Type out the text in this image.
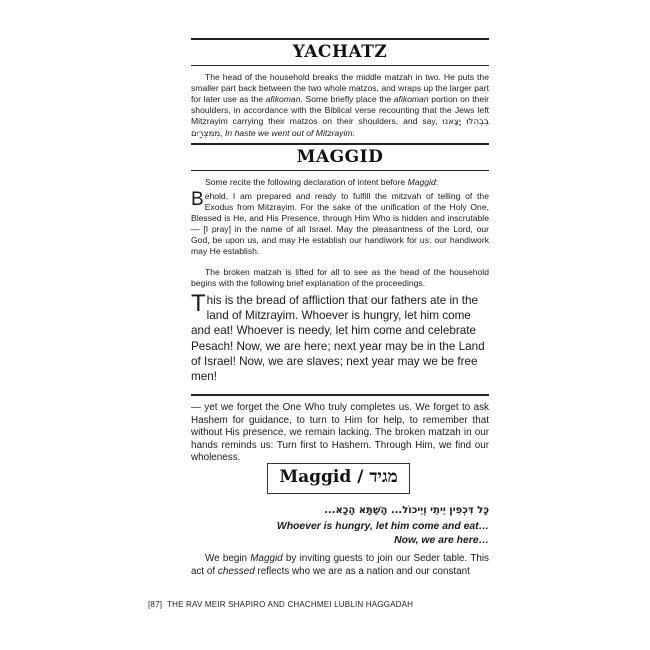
YACHATZ

The head of the household breaks the middle matzah in two. He puts the smaller part back between the two whole matzos, and wraps up the larger part for later use as the afikoman. Some briefly place the afikoman portion on their shoulders, in accordance with the Biblical verse recounting that the Jews left Mitzrayim carrying their matzos on their shoulders, and say, בְּבְהִלוּ יָצָאנוּ מִמִּצְרַיִם, In haste we went out of Mitzrayim.

MAGGID

Some recite the following declaration of intent before Maggid:

Behold, I am prepared and ready to fulfill the mitzvah of telling of the Exodus from Mitzrayim. For the sake of the unification of the Holy One, Blessed is He, and His Presence, through Him Who is hidden and inscrutable — [I pray] in the name of all Israel. May the pleasantness of the Lord, our God, be upon us, and may He establish our handiwork for us; our handiwork may He establish.

The broken matzah is lifted for all to see as the head of the household begins with the following brief explanation of the proceedings.

This is the bread of affliction that our fathers ate in the land of Mitzrayim. Whoever is hungry, let him come and eat! Whoever is needy, let him come and celebrate Pesach! Now, we are here; next year may be in the Land of Israel! Now, we are slaves; next year may we be free men!

— yet we forget the One Who truly completes us. We forget to ask Hashem for guidance, to turn to Him for help, to remember that without His presence, we remain lacking. The broken matzah in our hands reminds us: Turn first to Hashem. Through Him, we find our wholeness.

Maggid / מגיד
כָּל דִּכְפִין יֵיתֵי וְיֵיכוֹל... הָשַׁתָּא הָכָא...
Whoever is hungry, let him come and eat…
Now, we are here…

We begin Maggid by inviting guests to join our Seder table. This act of chessed reflects who we are as a nation and our constant

[87] THE RAV MEIR SHAPIRO AND CHACHMEI LUBLIN HAGGADAH
